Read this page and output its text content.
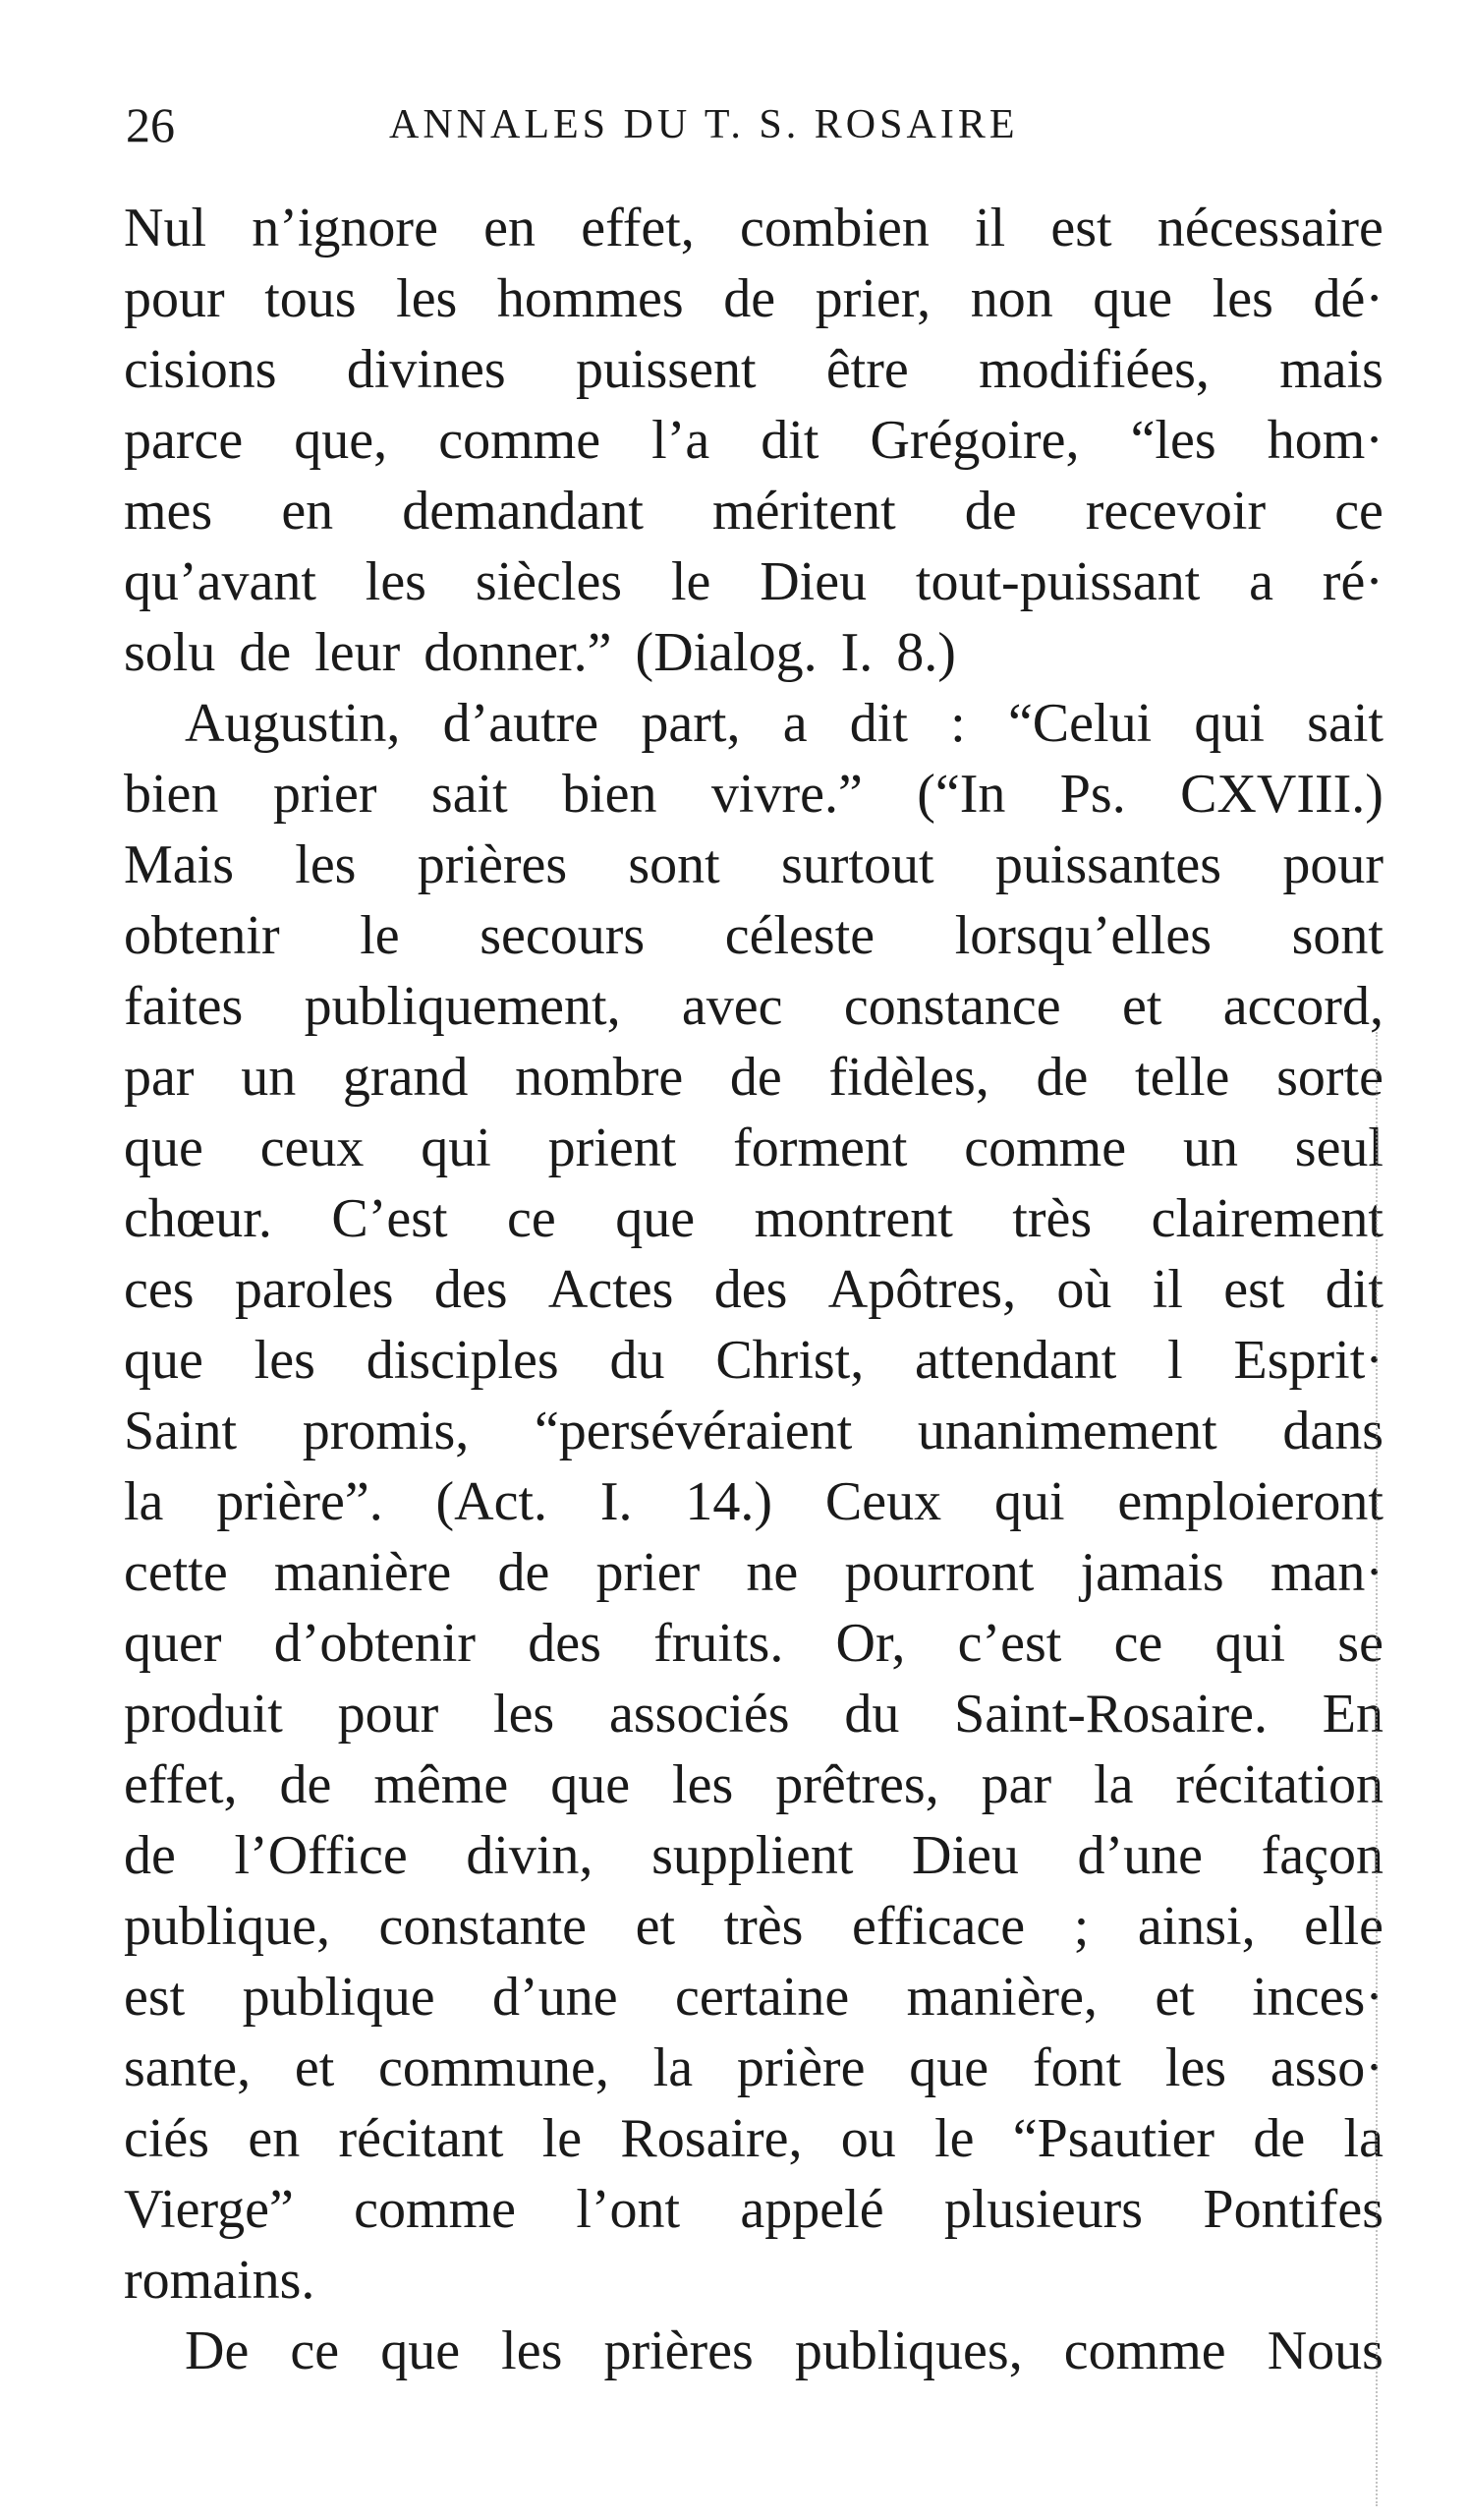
26	ANNALES DU T. S. ROSAIRE
Nul n’ignore en effet, combien il est nécessaire
pour tous les hommes de prier, non que les dé·
cisions divines puissent être modifiées, mais
parce que, comme l’a dit Grégoire, “les hom·
mes en demandant méritent de recevoir ce
qu’avant les siècles le Dieu tout-puissant a ré·
solu de leur donner.” (Dialog. I. 8.)
Augustin, d’autre part, a dit : “Celui qui sait
bien prier sait bien vivre.” (“In Ps. CXVIII.)
Mais les prières sont surtout puissantes pour
obtenir le secours céleste lorsqu’elles sont
faites publiquement, avec constance et accord,
par un grand nombre de fidèles, de telle sorte
que ceux qui prient forment comme un seul
chœur. C’est ce que montrent très clairement
ces paroles des Actes des Apôtres, où il est dit
que les disciples du Christ, attendant l Esprit·
Saint promis, “persévéraient unanimement dans
la prière”. (Act. I. 14.) Ceux qui emploieront
cette manière de prier ne pourront jamais man·
quer d’obtenir des fruits. Or, c’est ce qui se
produit pour les associés du Saint-Rosaire. En
effet, de même que les prêtres, par la récitation
de l’Office divin, supplient Dieu d’une façon
publique, constante et très efficace ; ainsi, elle
est publique d’une certaine manière, et inces·
sante, et commune, la prière que font les asso·
ciés en récitant le Rosaire, ou le “Psautier de la
Vierge” comme l’ont appelé plusieurs Pontifes
romains.
De ce que les prières publiques, comme Nous
